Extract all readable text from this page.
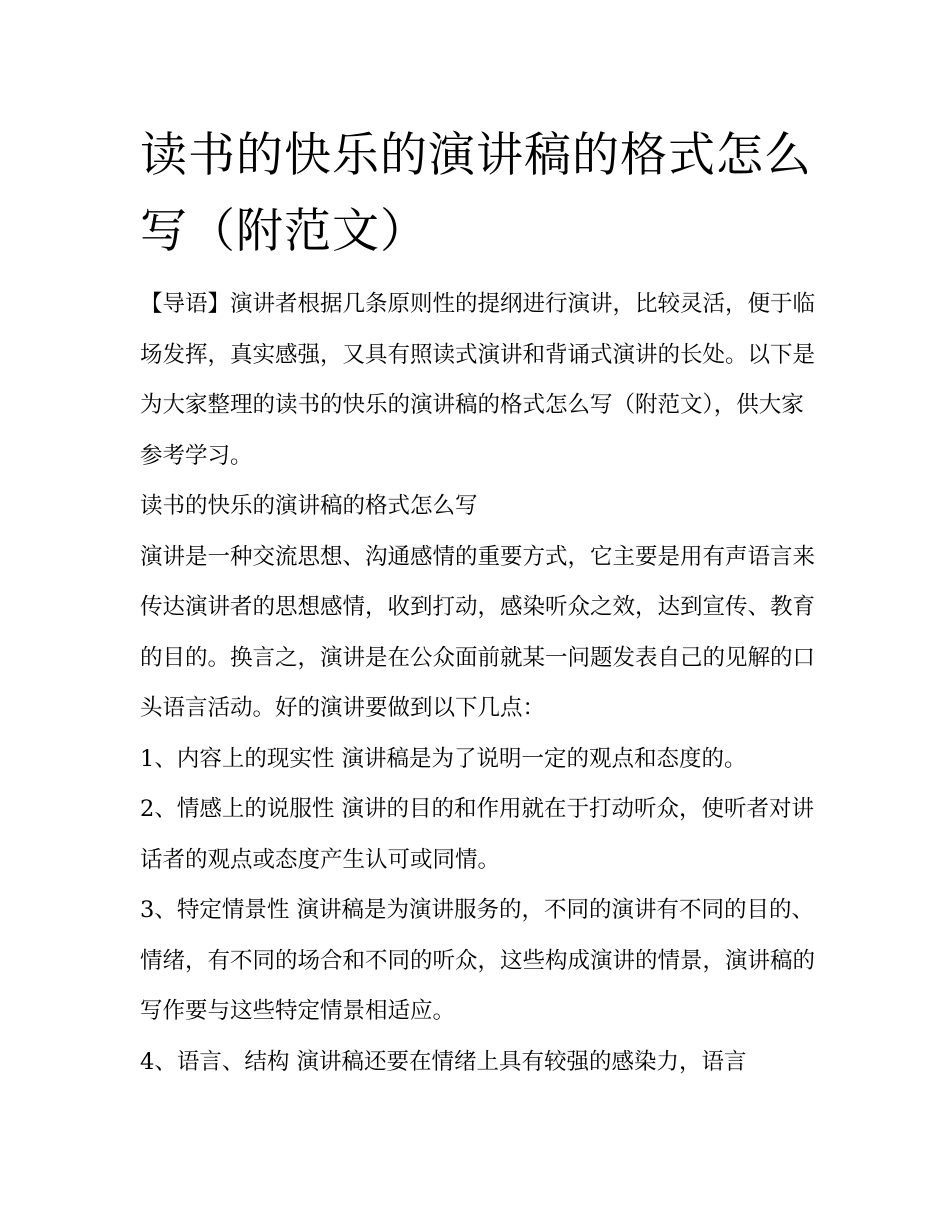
读书的快乐的演讲稿的格式怎么写（附范文）

【导语】演讲者根据几条原则性的提纲进行演讲，比较灵活，便于临场发挥，真实感强，又具有照读式演讲和背诵式演讲的长处。以下是为大家整理的读书的快乐的演讲稿的格式怎么写（附范文），供大家参考学习。

读书的快乐的演讲稿的格式怎么写

演讲是一种交流思想、沟通感情的重要方式，它主要是用有声语言来传达演讲者的思想感情，收到打动，感染听众之效，达到宣传、教育的目的。换言之，演讲是在公众面前就某一问题发表自己的见解的口头语言活动。好的演讲要做到以下几点：

1、内容上的现实性 演讲稿是为了说明一定的观点和态度的。

2、情感上的说服性 演讲的目的和作用就在于打动听众，使听者对讲话者的观点或态度产生认可或同情。

3、特定情景性 演讲稿是为演讲服务的，不同的演讲有不同的目的、情绪，有不同的场合和不同的听众，这些构成演讲的情景，演讲稿的写作要与这些特定情景相适应。

4、语言、结构 演讲稿还要在情绪上具有较强的感染力，语言
